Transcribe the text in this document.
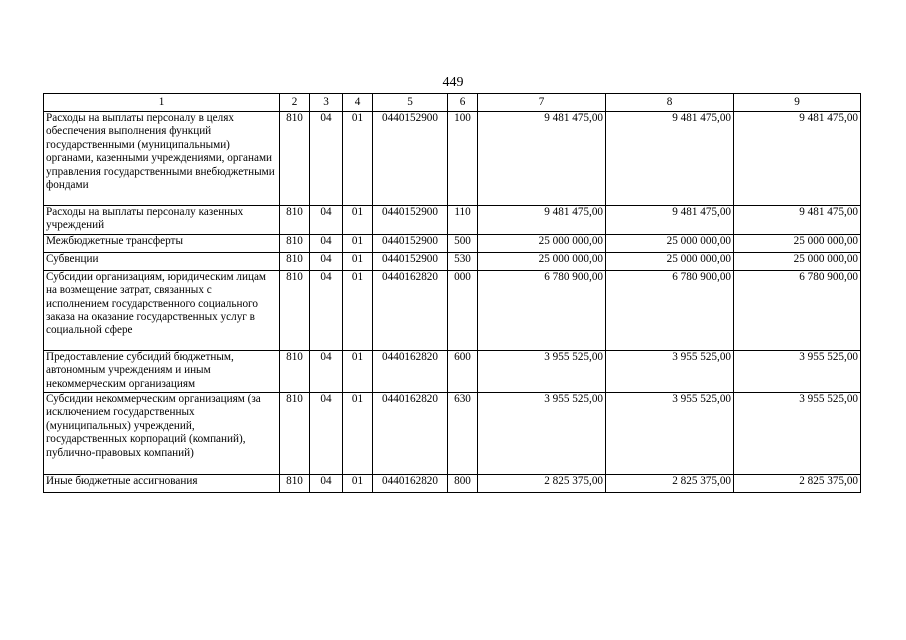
449
1	2	3	4	5	6	7	8	9
Расходы на выплаты персоналу в целях обеспечения выполнения функций государственными (муниципальными) органами, казенными учреждениями, органами управления государственными внебюджетными фондами	810	04	01	0440152900	100	9 481 475,00	9 481 475,00	9 481 475,00
Расходы на выплаты персоналу казенных учреждений	810	04	01	0440152900	110	9 481 475,00	9 481 475,00	9 481 475,00
Межбюджетные трансферты	810	04	01	0440152900	500	25 000 000,00	25 000 000,00	25 000 000,00
Субвенции	810	04	01	0440152900	530	25 000 000,00	25 000 000,00	25 000 000,00
Субсидии организациям, юридическим лицам на возмещение затрат, связанных с исполнением государственного социального заказа на оказание государственных услуг в социальной сфере	810	04	01	0440162820	000	6 780 900,00	6 780 900,00	6 780 900,00
Предоставление субсидий бюджетным, автономным учреждениям и иным некоммерческим организациям	810	04	01	0440162820	600	3 955 525,00	3 955 525,00	3 955 525,00
Субсидии некоммерческим организациям (за исключением государственных (муниципальных) учреждений, государственных корпораций (компаний), публично-правовых компаний)	810	04	01	0440162820	630	3 955 525,00	3 955 525,00	3 955 525,00
Иные бюджетные ассигнования	810	04	01	0440162820	800	2 825 375,00	2 825 375,00	2 825 375,00
